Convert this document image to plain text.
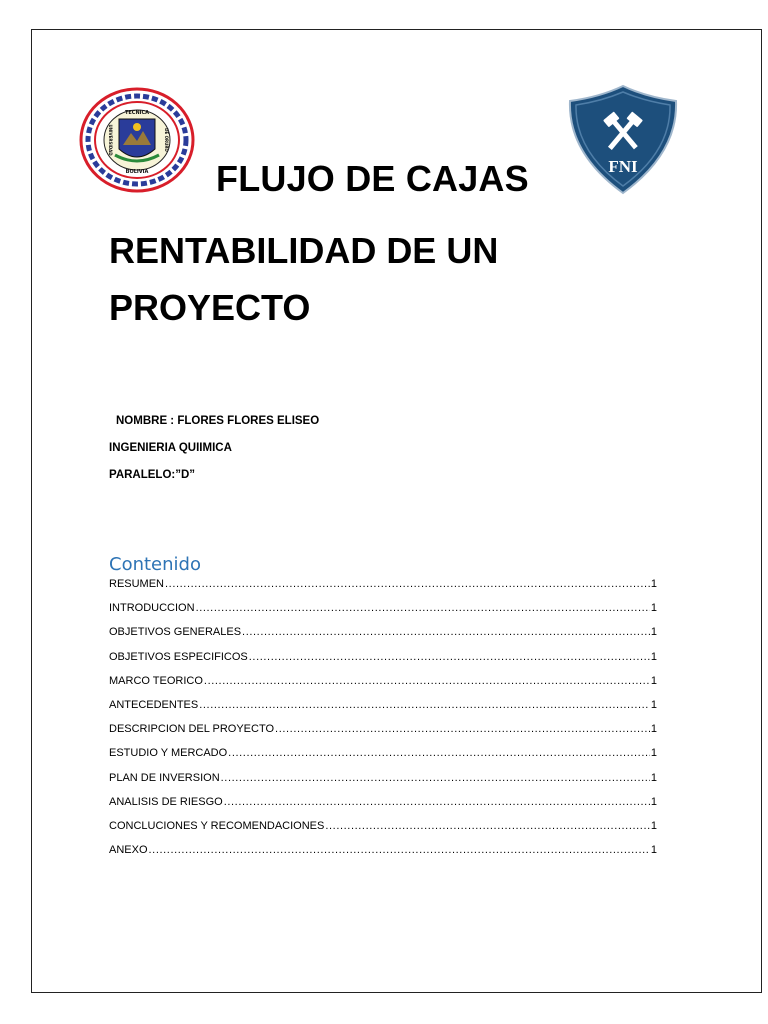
TECNICA
BOLIVIA
UNIVERSIDAD	DE ORURO
FNI
FLUJO DE CAJAS
RENTABILIDAD DE UN PROYECTO
NOMBRE : FLORES FLORES ELISEO
INGENIERIA QUIIMICA
PARALELO:”D”
Contenido
RESUMEN .....	1
INTRODUCCION .....	1
OBJETIVOS GENERALES .....	1
OBJETIVOS ESPECIFICOS .....	1
MARCO TEORICO .....	1
ANTECEDENTES .....	1
DESCRIPCION DEL PROYECTO .....	1
ESTUDIO Y MERCADO .....	1
PLAN DE INVERSION .....	1
ANALISIS DE RIESGO .....	1
CONCLUCIONES Y RECOMENDACIONES .....	1
ANEXO .....	1
